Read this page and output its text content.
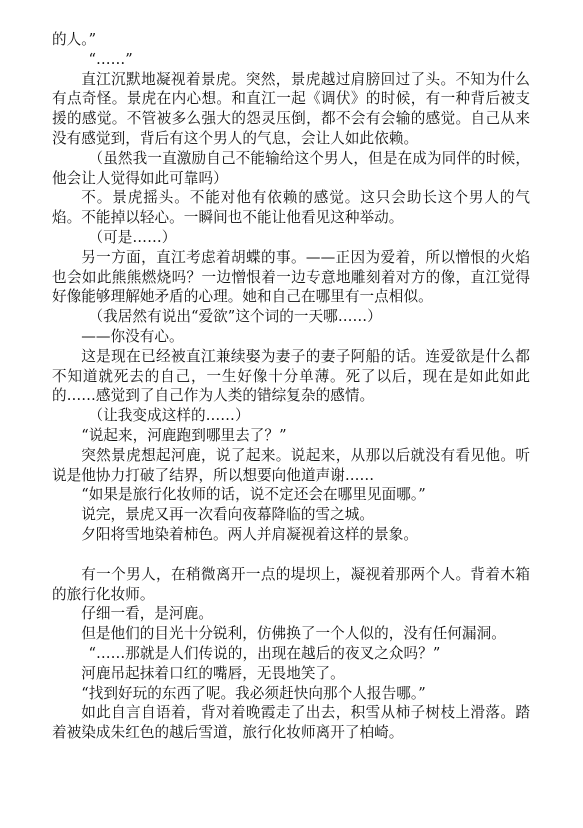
的人。”

“……”

直江沉默地凝视着景虎。突然，景虎越过肩膀回过了头。不知为什么有点奇怪。景虎在内心想。和直江一起《调伏》的时候，有一种背后被支援的感觉。不管被多么强大的怨灵压倒，都不会有会输的感觉。自己从来没有感觉到，背后有这个男人的气息，会让人如此依赖。

（虽然我一直激励自己不能输给这个男人，但是在成为同伴的时候，他会让人觉得如此可靠吗）

不。景虎摇头。不能对他有依赖的感觉。这只会助长这个男人的气焰。不能掉以轻心。一瞬间也不能让他看见这种举动。

（可是……）

另一方面，直江考虑着胡蝶的事。——正因为爱着，所以憎恨的火焰也会如此熊熊燃烧吗？一边憎恨着一边专意地雕刻着对方的像，直江觉得好像能够理解她矛盾的心理。她和自己在哪里有一点相似。

（我居然有说出“爱欲”这个词的一天哪……）

——你没有心。

这是现在已经被直江兼续娶为妻子的妻子阿船的话。连爱欲是什么都不知道就死去的自己，一生好像十分单薄。死了以后，现在是如此如此的……感觉到了自己作为人类的错综复杂的感情。

（让我变成这样的……）

“说起来，河鹿跑到哪里去了？”

突然景虎想起河鹿，说了起来。说起来，从那以后就没有看见他。听说是他协力打破了结界，所以想要向他道声谢……

“如果是旅行化妆师的话，说不定还会在哪里见面哪。”

说完，景虎又再一次看向夜幕降临的雪之城。

夕阳将雪地染着柿色。两人并肩凝视着这样的景象。

有一个男人，在稍微离开一点的堤坝上，凝视着那两个人。背着木箱的旅行化妆师。

仔细一看，是河鹿。

但是他们的目光十分锐利，仿佛换了一个人似的，没有任何漏洞。

“……那就是人们传说的，出现在越后的夜叉之众吗？”

河鹿吊起抹着口红的嘴唇，无畏地笑了。

“找到好玩的东西了呢。我必须赶快向那个人报告哪。”

如此自言自语着，背对着晚霞走了出去，积雪从柿子树枝上滑落。踏着被染成朱红色的越后雪道，旅行化妆师离开了柏崎。
